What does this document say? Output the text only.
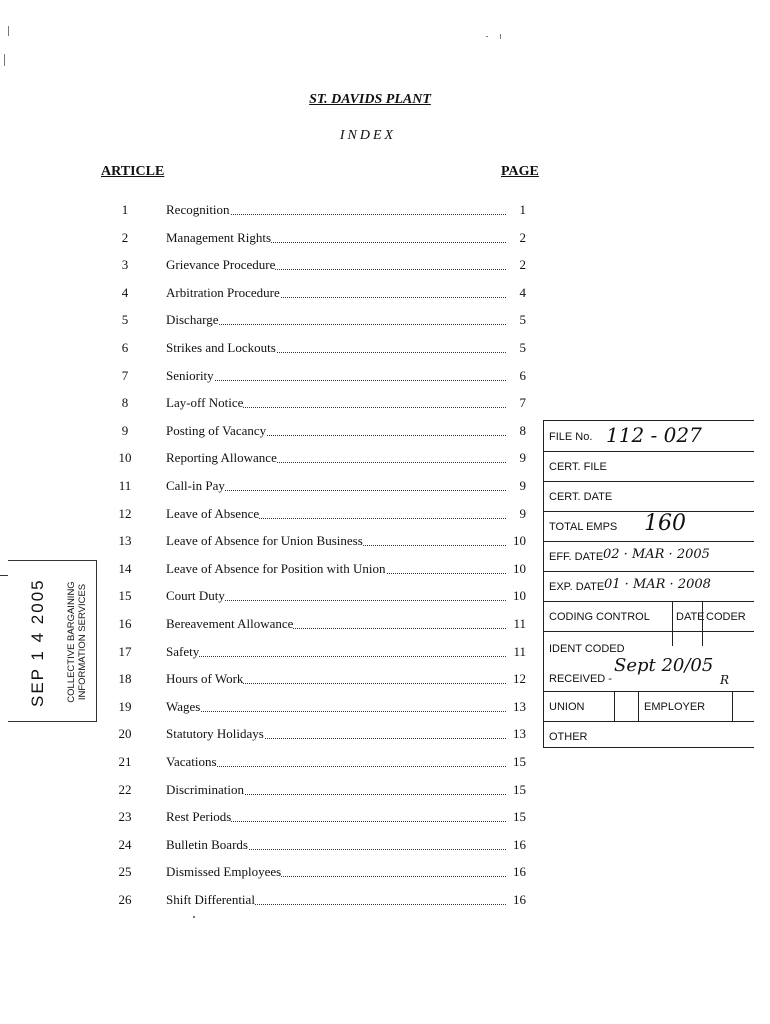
ST. DAVIDS PLANT
INDEX
ARTICLE	PAGE
1	Recognition	1
2	Management Rights	2
3	Grievance Procedure	2
4	Arbitration Procedure	4
5	Discharge	5
6	Strikes and Lockouts	5
7	Seniority	6
8	Lay-off Notice	7
9	Posting of Vacancy	8
10	Reporting Allowance	9
11	Call-in Pay	9
12	Leave of Absence	9
13	Leave of Absence for Union Business	10
14	Leave of Absence for Position with Union	10
15	Court Duty	10
16	Bereavement Allowance	11
17	Safety	11
18	Hours of Work	12
19	Wages	13
20	Statutory Holidays	13
21	Vacations	15
22	Discrimination	15
23	Rest Periods	15
24	Bulletin Boards	16
25	Dismissed Employees	16
26	Shift Differential	16
SEP 1 4 2005 COLLECTIVE BARGAINING INFORMATION SERVICES
FILE No. 112 - 027
CERT. FILE
CERT. DATE
TOTAL EMPS 160
EFF. DATE 02 · MAR · 2005
EXP. DATE 01 · MAR · 2008
CODING CONTROL DATE CODER
IDENT CODED
RECEIVED -
Sept 20/05
R
UNION	EMPLOYER
OTHER
